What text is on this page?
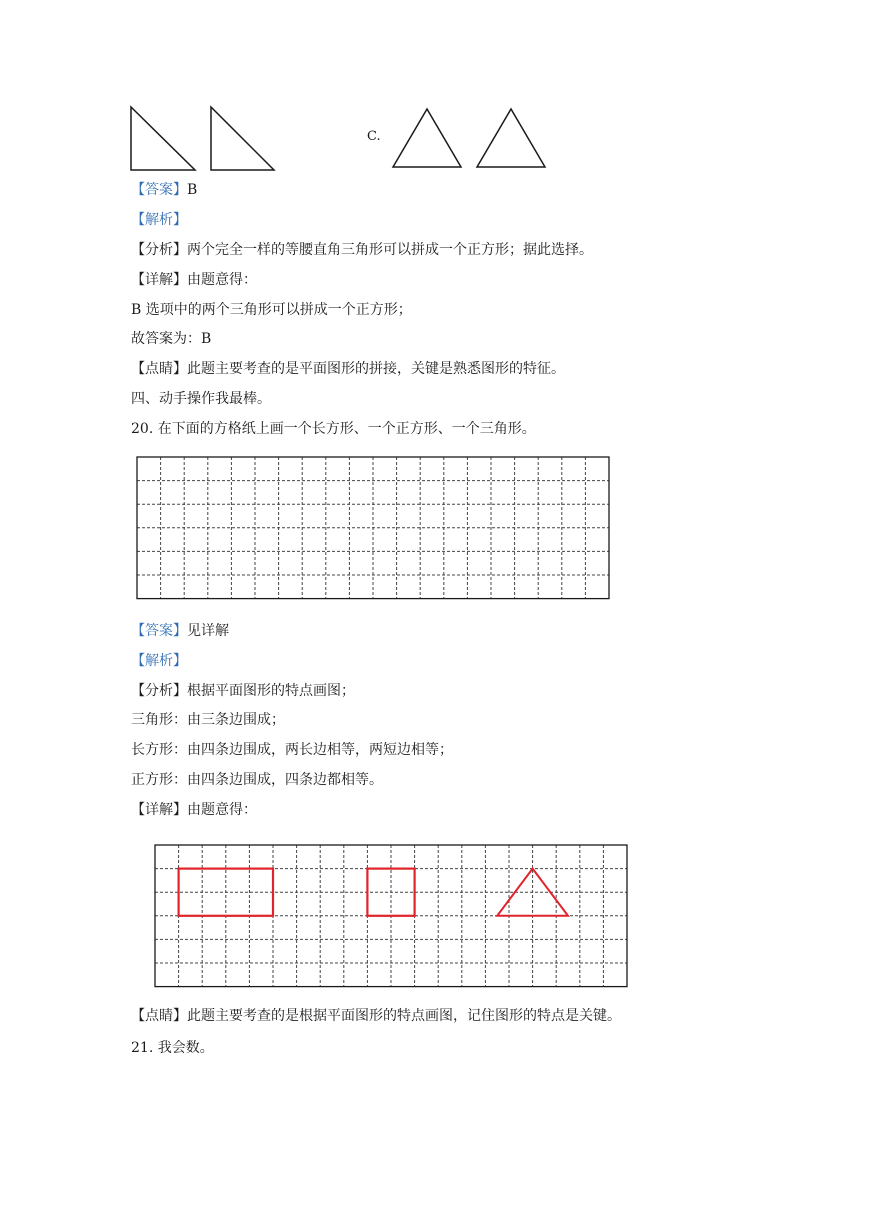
C.
【答案】B
【解析】
【分析】两个完全一样的等腰直角三角形可以拼成一个正方形；据此选择。
【详解】由题意得：
B 选项中的两个三角形可以拼成一个正方形；
故答案为：B
【点睛】此题主要考查的是平面图形的拼接，关键是熟悉图形的特征。
四、动手操作我最棒。
20. 在下面的方格纸上画一个长方形、一个正方形、一个三角形。
【答案】见详解
【解析】
【分析】根据平面图形的特点画图；
三角形：由三条边围成；
长方形：由四条边围成，两长边相等，两短边相等；
正方形：由四条边围成，四条边都相等。
【详解】由题意得：
【点睛】此题主要考查的是根据平面图形的特点画图，记住图形的特点是关键。
21. 我会数。
